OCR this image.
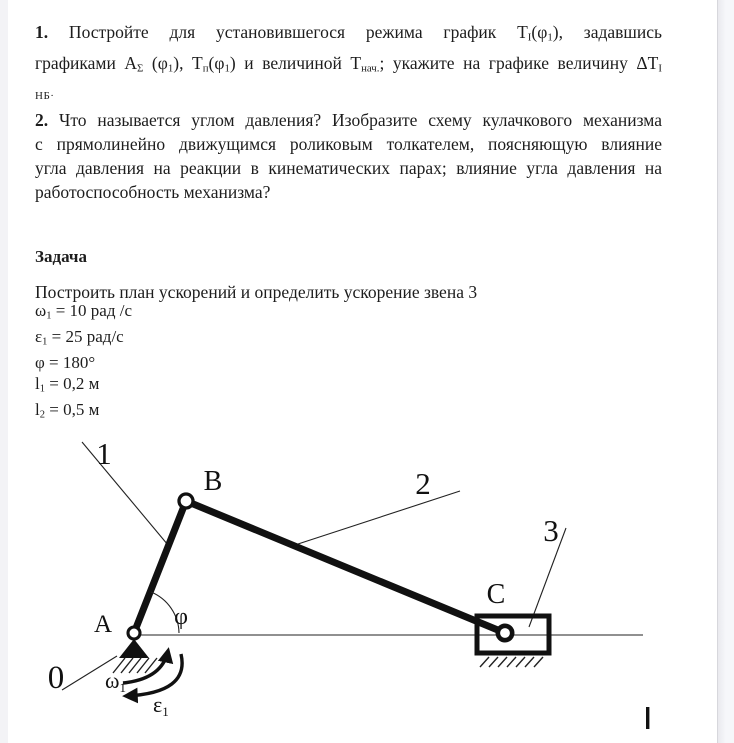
1. Постройте для установившегося режима график $T_I(\varphi_1)$, задавшись
графиками $A_\Sigma$ $(\varphi_1)$, $T_п(\varphi_1)$ и величиной $T_{нач.}$; укажите на графике величину $\Delta T_I$
НБ·
2. Что называется углом давления? Изобразите схему кулачкового механизма
с прямолинейно движущимся роликовым толкателем, поясняющую влияние
угла давления на реакции в кинематических парах; влияние угла давления на
работоспособность механизма?
Задача
Построить план ускорений и определить ускорение звена 3
$\omega_1 = 10$ рад /с
$\varepsilon_1 = 25$ рад/с
φ = 180°
$l_1 = 0,2$ м
$l_2 = 0,5$ м
1
2
3
0
A
B
C
φ
ω1
ε1
